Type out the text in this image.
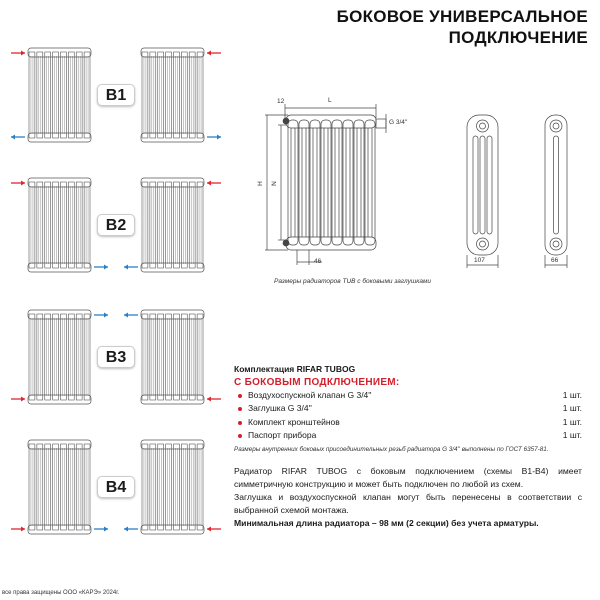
B1
B2
B3
B4
БОКОВОЕ УНИВЕРСАЛЬНОЕ
ПОДКЛЮЧЕНИЕ
12	L
G 3/4''
H N
46	107	66
Размеры радиаторов TUB с боковыми заглушками
Комплектация RIFAR TUBOG
С БОКОВЫМ ПОДКЛЮЧЕНИЕМ:
Воздухоспускной клапан G 3/4''	1 шт.
Заглушка G 3/4''	1 шт.
Комплект кронштейнов	1 шт.
Паспорт прибора	1 шт.
Размеры внутренних боковых присоединительных резьб радиатора G 3/4'' выполнены по ГОСТ 6357-81.

Радиатор RIFAR TUBOG с боковым подключением (схемы B1-B4) имеет симметричную конструкцию и может быть подключен по любой из схем.

Заглушка и воздухоспускной клапан могут быть перенесены в соответствии с выбранной схемой монтажа.

Минимальная длина радиатора – 98 мм (2 секции) без учета арматуры.

все права защищены ООО «КАРЭ» 2024г.
